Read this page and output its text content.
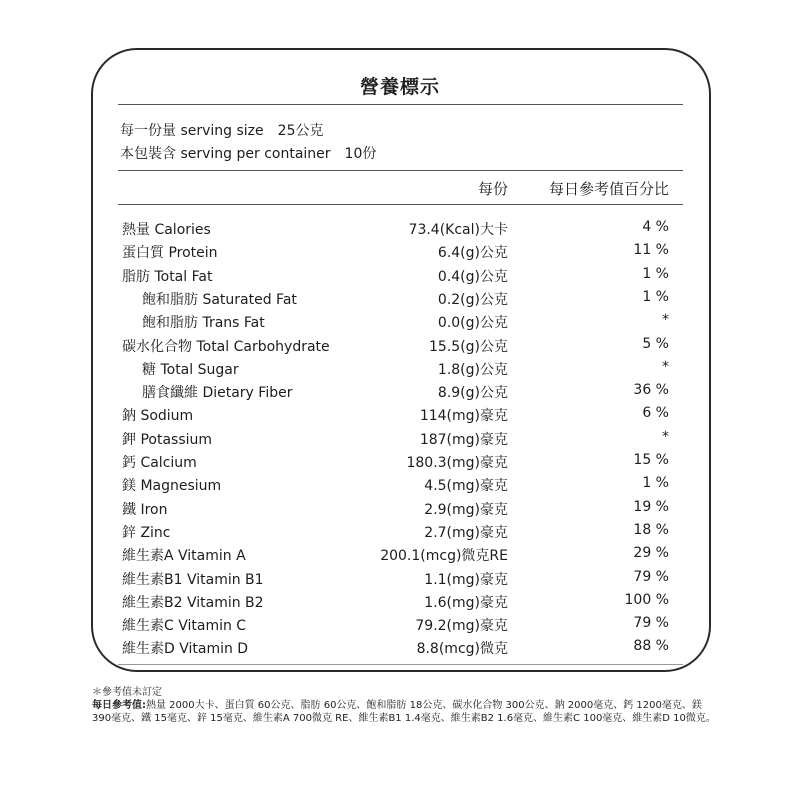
營養標示
每一份量 serving size 25公克
本包裝含 serving per container 10份
每份	每日參考值百分比
熱量 Calories	73.4(Kcal)大卡	4 %
蛋白質 Protein	6.4(g)公克	11 %
脂肪 Total Fat	0.4(g)公克	1 %
飽和脂肪 Saturated Fat	0.2(g)公克	1 %
飽和脂肪 Trans Fat	0.0(g)公克	*
碳水化合物 Total Carbohydrate	15.5(g)公克	5 %
糖 Total Sugar	1.8(g)公克	*
膳食纖維 Dietary Fiber	8.9(g)公克	36 %
鈉 Sodium	114(mg)豪克	6 %
鉀 Potassium	187(mg)豪克	*
鈣 Calcium	180.3(mg)豪克	15 %
鎂 Magnesium	4.5(mg)豪克	1 %
鐵 Iron	2.9(mg)豪克	19 %
鋅 Zinc	2.7(mg)豪克	18 %
維生素A Vitamin A	200.1(mcg)微克RE	29 %
維生素B1 Vitamin B1	1.1(mg)豪克	79 %
維生素B2 Vitamin B2	1.6(mg)豪克	100 %
維生素C Vitamin C	79.2(mg)豪克	79 %
維生素D Vitamin D	8.8(mcg)微克	88 %
＊參考值未訂定
每日參考值:熱量 2000大卡、蛋白質 60公克、脂肪 60公克、飽和脂肪 18公克、碳水化合物 300公克、鈉 2000毫克、鈣 1200毫克、鎂 390毫克、鐵 15毫克、鋅 15毫克、維生素A 700微克 RE、維生素B1 1.4毫克、維生素B2 1.6毫克、維生素C 100毫克、維生素D 10微克。
